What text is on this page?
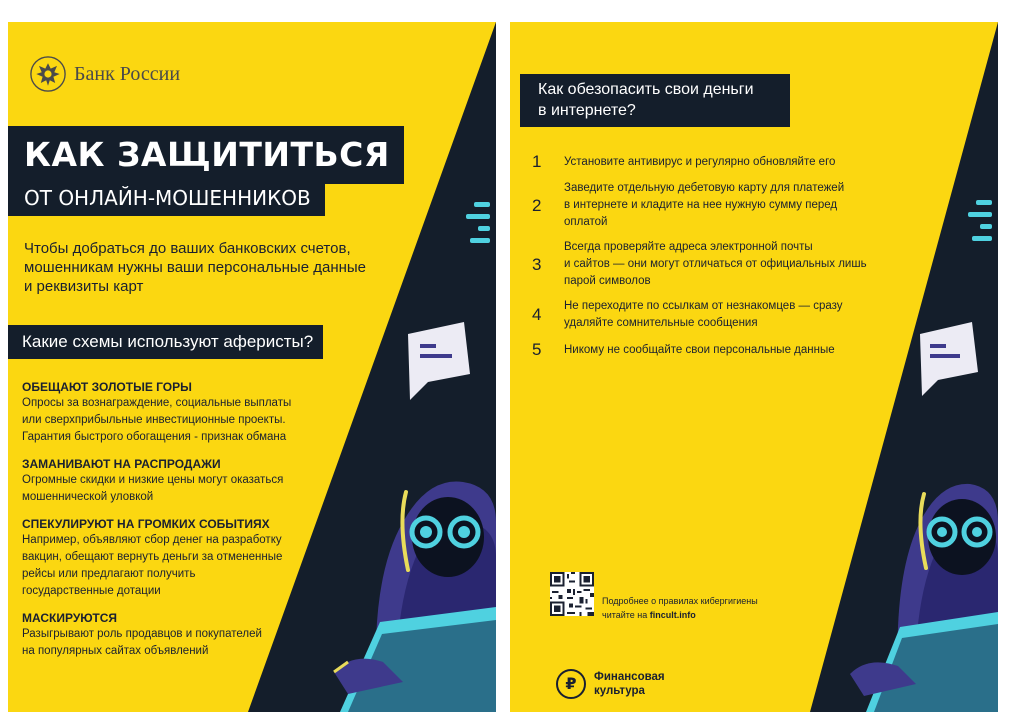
Банк России
КАК ЗАЩИТИТЬСЯ
ОТ ОНЛАЙН-МОШЕННИКОВ
Чтобы добраться до ваших банковских счетов,
мошенникам нужны ваши персональные данные
и реквизиты карт
Какие схемы используют аферисты?
ОБЕЩАЮТ ЗОЛОТЫЕ ГОРЫ
Опросы за вознаграждение, социальные выплаты
или сверхприбыльные инвестиционные проекты.
Гарантия быстрого обогащения - признак обмана
ЗАМАНИВАЮТ НА РАСПРОДАЖИ
Огромные скидки и низкие цены могут оказаться
мошеннической уловкой
СПЕКУЛИРУЮТ НА ГРОМКИХ СОБЫТИЯХ
Например, объявляют сбор денег на разработку
вакцин, обещают вернуть деньги за отмененные
рейсы или предлагают получить
государственные дотации
МАСКИРУЮТСЯ
Разыгрывают роль продавцов и покупателей
на популярных сайтах объявлений
Как обезопасить свои деньги
в интернете?
1	Установите антивирус и регулярно обновляйте его
2
Заведите отдельную дебетовую карту для платежей
в интернете и кладите на нее нужную сумму перед
оплатой
3
Всегда проверяйте адреса электронной почты
и сайтов — они могут отличаться от официальных лишь
парой символов
4	Не переходите по ссылкам от незнакомцев — сразу
удаляйте сомнительные сообщения
5	Никому не сообщайте свои персональные данные
Подробнее о правилах кибергигиены
читайте на fincult.info
₽	Финансовая
культура
